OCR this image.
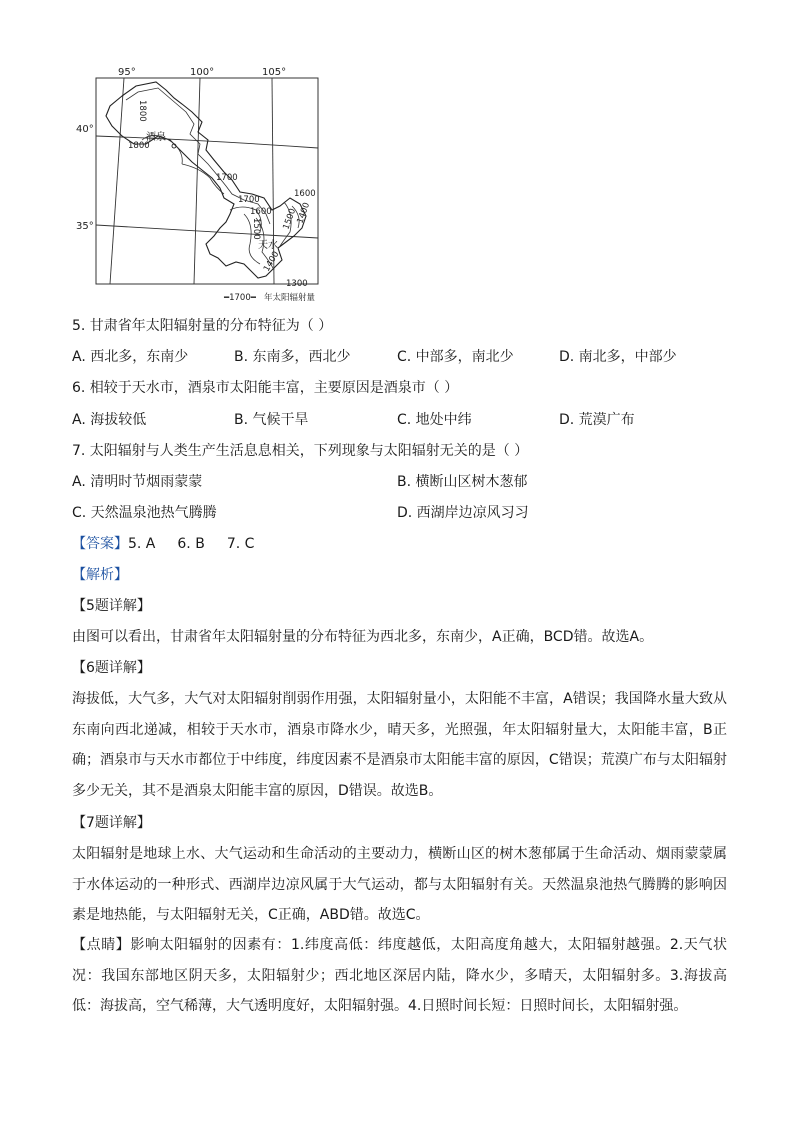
95°	100°	105°
40°
35°
酒泉
天 水
1800
1800
1700
1700
1600
1600
1300
1400
1500 1500
1400
━1700━ 年太阳辐射量
5. 甘肃省年太阳辐射量的分布特征为（ ）
A. 西北多，东南少	B. 东南多，西北少	C. 中部多，南北少	D. 南北多，中部少
6. 相较于天水市，酒泉市太阳能丰富，主要原因是酒泉市（ ）
A. 海拔较低	B. 气候干旱	C. 地处中纬	D. 荒漠广布
7. 太阳辐射与人类生产生活息息相关，下列现象与太阳辐射无关的是（ ）
A. 清明时节烟雨蒙蒙	B. 横断山区树木葱郁
C. 天然温泉池热气腾腾	D. 西湖岸边凉风习习
【答案】5. A 6. B 7. C
【解析】
【5题详解】
由图可以看出，甘肃省年太阳辐射量的分布特征为西北多，东南少，A正确，BCD错。故选A。
【6题详解】
海拔低，大气多，大气对太阳辐射削弱作用强，太阳辐射量小，太阳能不丰富，A错误；我国降水量大致从东南向西北递减，相较于天水市，酒泉市降水少，晴天多，光照强，年太阳辐射量大，太阳能丰富，B正确；酒泉市与天水市都位于中纬度，纬度因素不是酒泉市太阳能丰富的原因，C错误；荒漠广布与太阳辐射多少无关，其不是酒泉太阳能丰富的原因，D错误。故选B。
【7题详解】
太阳辐射是地球上水、大气运动和生命活动的主要动力，横断山区的树木葱郁属于生命活动、烟雨蒙蒙属于水体运动的一种形式、西湖岸边凉风属于大气运动，都与太阳辐射有关。天然温泉池热气腾腾的影响因素是地热能，与太阳辐射无关，C正确，ABD错。故选C。
【点睛】影响太阳辐射的因素有：1.纬度高低：纬度越低，太阳高度角越大，太阳辐射越强。2.天气状况：我国东部地区阴天多，太阳辐射少；西北地区深居内陆，降水少，多晴天，太阳辐射多。3.海拔高低：海拔高，空气稀薄，大气透明度好，太阳辐射强。4.日照时间长短：日照时间长，太阳辐射强。
